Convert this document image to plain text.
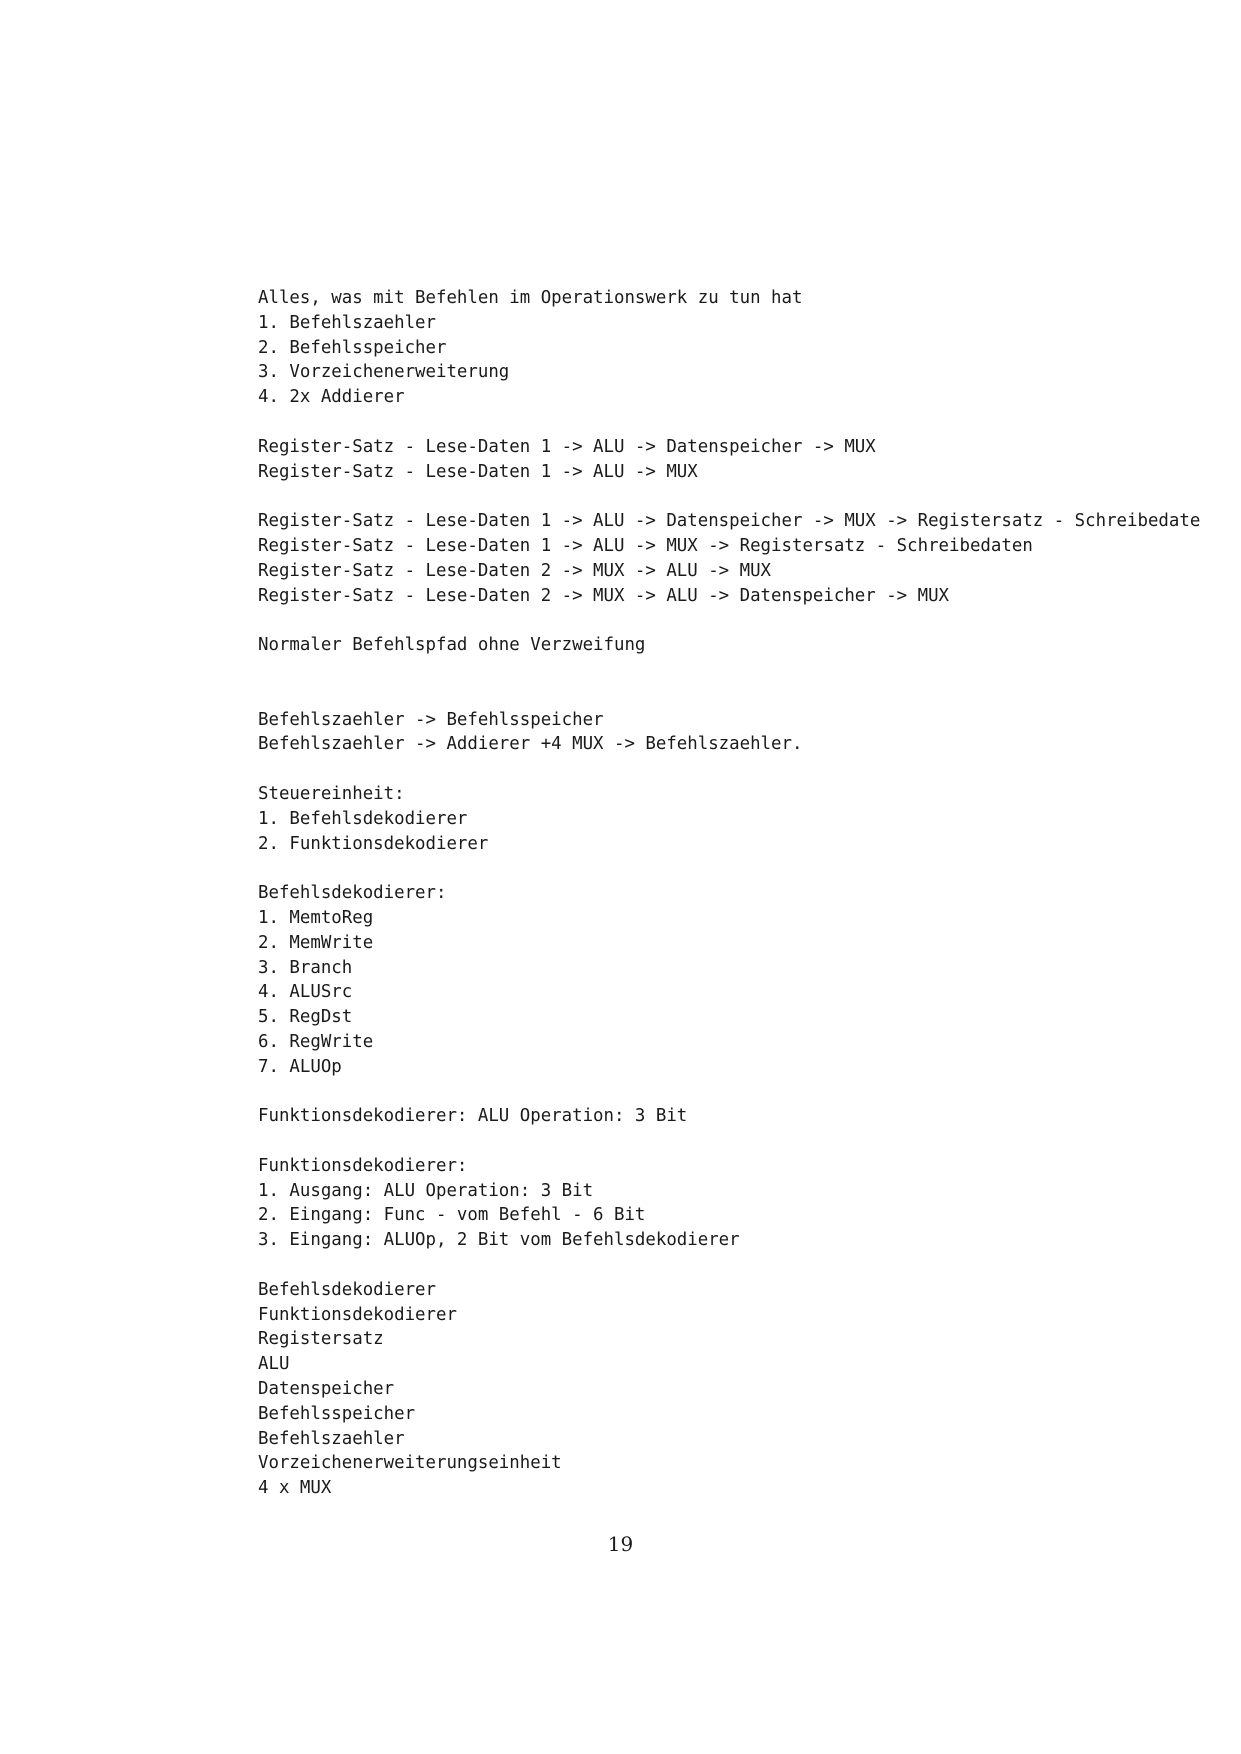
Alles, was mit Befehlen im Operationswerk zu tun hat
1. Befehlszaehler
2. Befehlsspeicher
3. Vorzeichenerweiterung
4. 2x Addierer
Register-Satz - Lese-Daten 1 -> ALU -> Datenspeicher -> MUX
Register-Satz - Lese-Daten 1 -> ALU -> MUX
Register-Satz - Lese-Daten 1 -> ALU -> Datenspeicher -> MUX -> Registersatz - Schreibedate
Register-Satz - Lese-Daten 1 -> ALU -> MUX -> Registersatz - Schreibedaten
Register-Satz - Lese-Daten 2 -> MUX -> ALU -> MUX
Register-Satz - Lese-Daten 2 -> MUX -> ALU -> Datenspeicher -> MUX
Normaler Befehlspfad ohne Verzweifung
Befehlszaehler -> Befehlsspeicher
Befehlszaehler -> Addierer +4 MUX -> Befehlszaehler.
Steuereinheit:
1. Befehlsdekodierer
2. Funktionsdekodierer
Befehlsdekodierer:
1. MemtoReg
2. MemWrite
3. Branch
4. ALUSrc
5. RegDst
6. RegWrite
7. ALUOp
Funktionsdekodierer: ALU Operation: 3 Bit
Funktionsdekodierer:
1. Ausgang: ALU Operation: 3 Bit
2. Eingang: Func - vom Befehl - 6 Bit
3. Eingang: ALUOp, 2 Bit vom Befehlsdekodierer
Befehlsdekodierer
Funktionsdekodierer
Registersatz
ALU
Datenspeicher
Befehlsspeicher
Befehlszaehler
Vorzeichenerweiterungseinheit
4 x MUX
19
